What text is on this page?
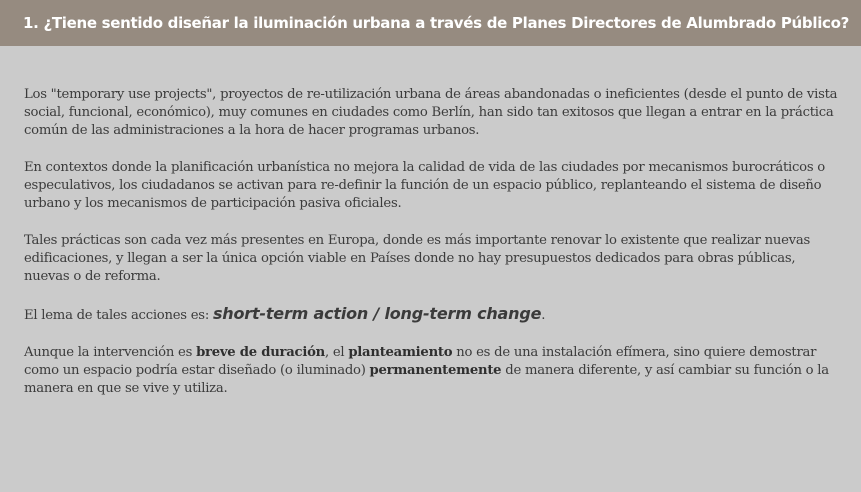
1. ¿Tiene sentido diseñar la iluminación urbana a través de Planes Directores de Alumbrado Público?

Los "temporary use projects", proyectos de re-utilización urbana de áreas abandonadas o ineficientes (desde el punto de vista social, funcional, económico), muy comunes en ciudades como Berlín, han sido tan exitosos que llegan a entrar en la práctica común de las administraciones a la hora de hacer programas urbanos.

En contextos donde la planificación urbanística no mejora la calidad de vida de las ciudades por mecanismos burocráticos o especulativos, los ciudadanos se activan para re-definir la función de un espacio público, replanteando el sistema de diseño urbano y los mecanismos de participación pasiva oficiales.

Tales prácticas son cada vez más presentes en Europa, donde es más importante renovar lo existente que realizar nuevas edificaciones, y llegan a ser la única opción viable en Países donde no hay presupuestos dedicados para obras públicas, nuevas o de reforma.

El lema de tales acciones es: short-term action / long-term change.

Aunque la intervención es breve de duración, el planteamiento no es de una instalación efímera, sino quiere demostrar como un espacio podría estar diseñado (o iluminado) permanentemente de manera diferente, y así cambiar su función o la manera en que se vive y utiliza.
